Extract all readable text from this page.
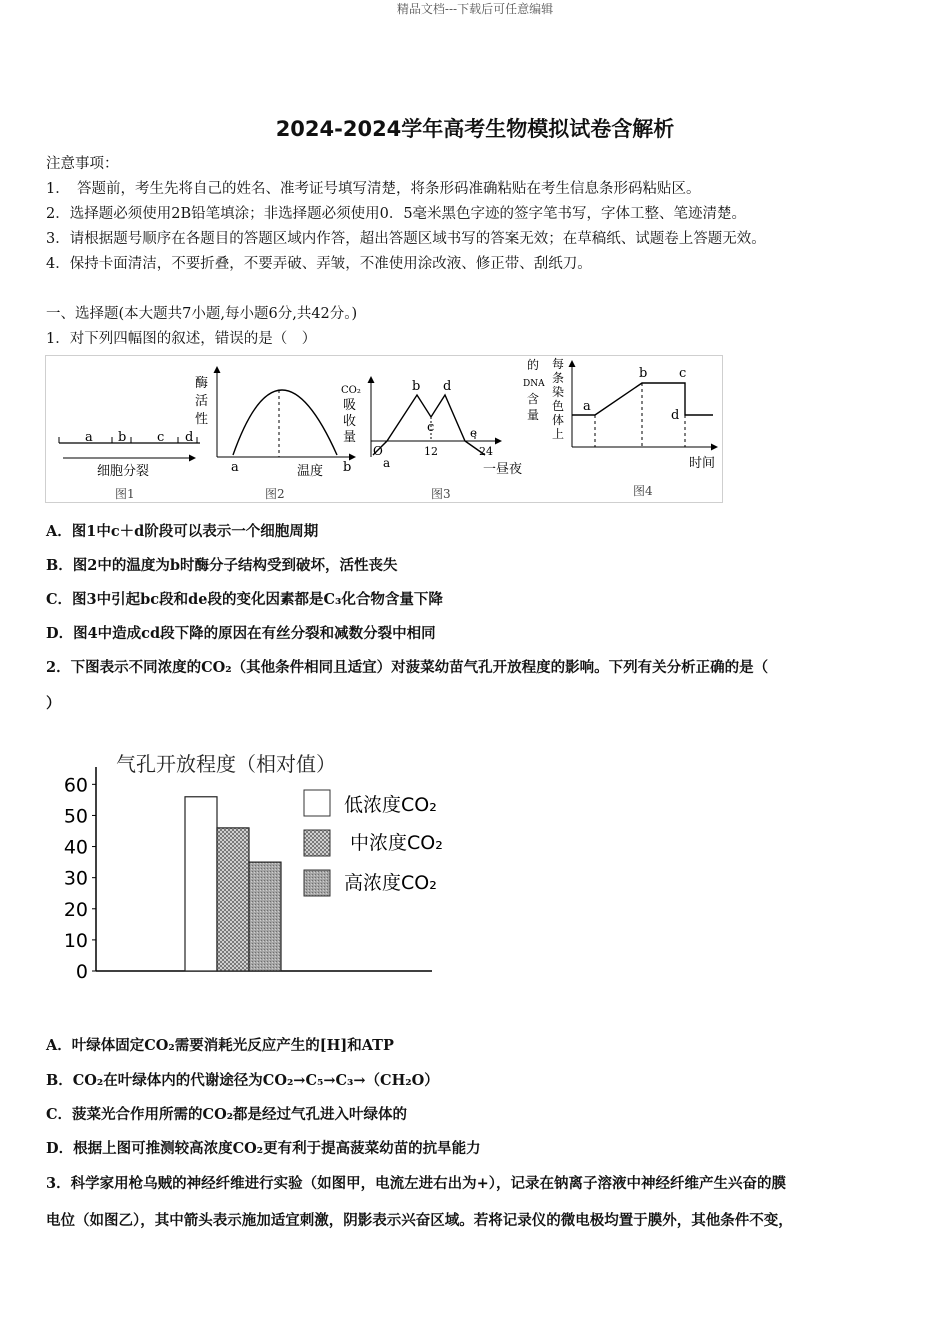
精品文档---下载后可任意编辑
2024-2024学年高考生物模拟试卷含解析
注意事项：
1．　答题前，考生先将自己的姓名、准考证号填写清楚，将条形码准确粘贴在考生信息条形码粘贴区。
2．选择题必须使用2B铅笔填涂；非选择题必须使用0．5毫米黑色字迹的签字笔书写，字体工整、笔迹清楚。
3．请根据题号顺序在各题目的答题区域内作答，超出答题区域书写的答案无效；在草稿纸、试题卷上答题无效。
4．保持卡面清洁，不要折叠，不要弄破、弄皱，不准使用涂改液、修正带、刮纸刀。
一、选择题(本大题共7小题,每小题6分,共42分。)
1．对下列四幅图的叙述，错误的是（　）
a b c d
细胞分裂
图1
酶
活
性
a	温度 b
图2
CO₂
吸
收
量
O
a
b
c
d
e
12	24
一昼夜
图3
的
DNA
含
量
每
条
染
色
体
上
a
b c
d
时间
图4
A．图1中c＋d阶段可以表示一个细胞周期
B．图2中的温度为b时酶分子结构受到破坏，活性丧失
C．图3中引起bc段和de段的变化因素都是C₃化合物含量下降
D．图4中造成cd段下降的原因在有丝分裂和减数分裂中相同
2．下图表示不同浓度的CO₂（其他条件相同且适宜）对菠菜幼苗气孔开放程度的影响。下列有关分析正确的是（
）
气孔开放程度（相对值）
0
10
20
30
40
50
60
低浓度CO₂
中浓度CO₂
高浓度CO₂
A．叶绿体固定CO₂需要消耗光反应产生的[H]和ATP
B．CO₂在叶绿体内的代谢途径为CO₂→C₅→C₃→（CH₂O）
C．菠菜光合作用所需的CO₂都是经过气孔进入叶绿体的
D．根据上图可推测较高浓度CO₂更有利于提高菠菜幼苗的抗旱能力
3．科学家用枪乌贼的神经纤维进行实验（如图甲，电流左进右出为+），记录在钠离子溶液中神经纤维产生兴奋的膜
电位（如图乙），其中箭头表示施加适宜刺激，阴影表示兴奋区域。若将记录仪的微电极均置于膜外，其他条件不变，
